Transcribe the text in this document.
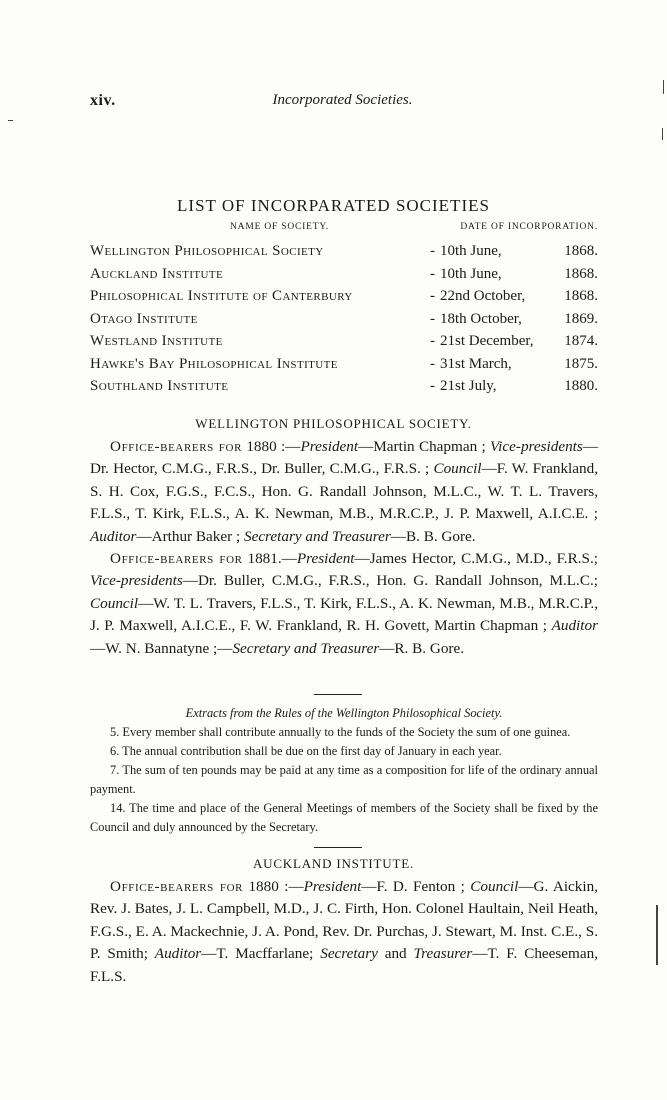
xiv.	Incorporated Societies.
LIST OF INCORPARATED SOCIETIES
NAME OF SOCIETY.	DATE OF INCORPORATION.
Wellington Philosophical Society	- 10th June,	1868.
Auckland Institute	- 10th June,	1868.
Philosophical Institute of Canterbury	- 22nd October,	1868.
Otago Institute	- 18th October,	1869.
Westland Institute	- 21st December, 1874.
Hawke's Bay Philosophical Institute	- 31st March,	1875.
Southland Institute	- 21st July,	1880.
WELLINGTON PHILOSOPHICAL SOCIETY.

Office-bearers for 1880 :—President—Martin Chapman ; Vice-presidents—Dr. Hector, C.M.G., F.R.S., Dr. Buller, C.M.G., F.R.S. ; Council—F. W. Frankland, S. H. Cox, F.G.S., F.C.S., Hon. G. Randall Johnson, M.L.C., W. T. L. Travers, F.L.S., T. Kirk, F.L.S., A. K. Newman, M.B., M.R.C.P., J. P. Maxwell, A.I.C.E. ; Auditor—Arthur Baker ; Secretary and Treasurer—B. B. Gore.

Office-bearers for 1881.—President—James Hector, C.M.G., M.D., F.R.S.; Vice-presidents—Dr. Buller, C.M.G., F.R.S., Hon. G. Randall Johnson, M.L.C.; Council—W. T. L. Travers, F.L.S., T. Kirk, F.L.S., A. K. Newman, M.B., M.R.C.P., J. P. Maxwell, A.I.C.E., F. W. Frankland, R. H. Govett, Martin Chapman ; Auditor—W. N. Bannatyne ;—Secretary and Treasurer—R. B. Gore.

Extracts from the Rules of the Wellington Philosophical Society.

5. Every member shall contribute annually to the funds of the Society the sum of one guinea.

6. The annual contribution shall be due on the first day of January in each year.

7. The sum of ten pounds may be paid at any time as a composition for life of the ordinary annual payment.

14. The time and place of the General Meetings of members of the Society shall be fixed by the Council and duly announced by the Secretary.

AUCKLAND INSTITUTE.

Office-bearers for 1880 :—President—F. D. Fenton ; Council—G. Aickin, Rev. J. Bates, J. L. Campbell, M.D., J. C. Firth, Hon. Colonel Haultain, Neil Heath, F.G.S., E. A. Mackechnie, J. A. Pond, Rev. Dr. Purchas, J. Stewart, M. Inst. C.E., S. P. Smith; Auditor—T. Macffarlane; Secretary and Treasurer—T. F. Cheeseman, F.L.S.
